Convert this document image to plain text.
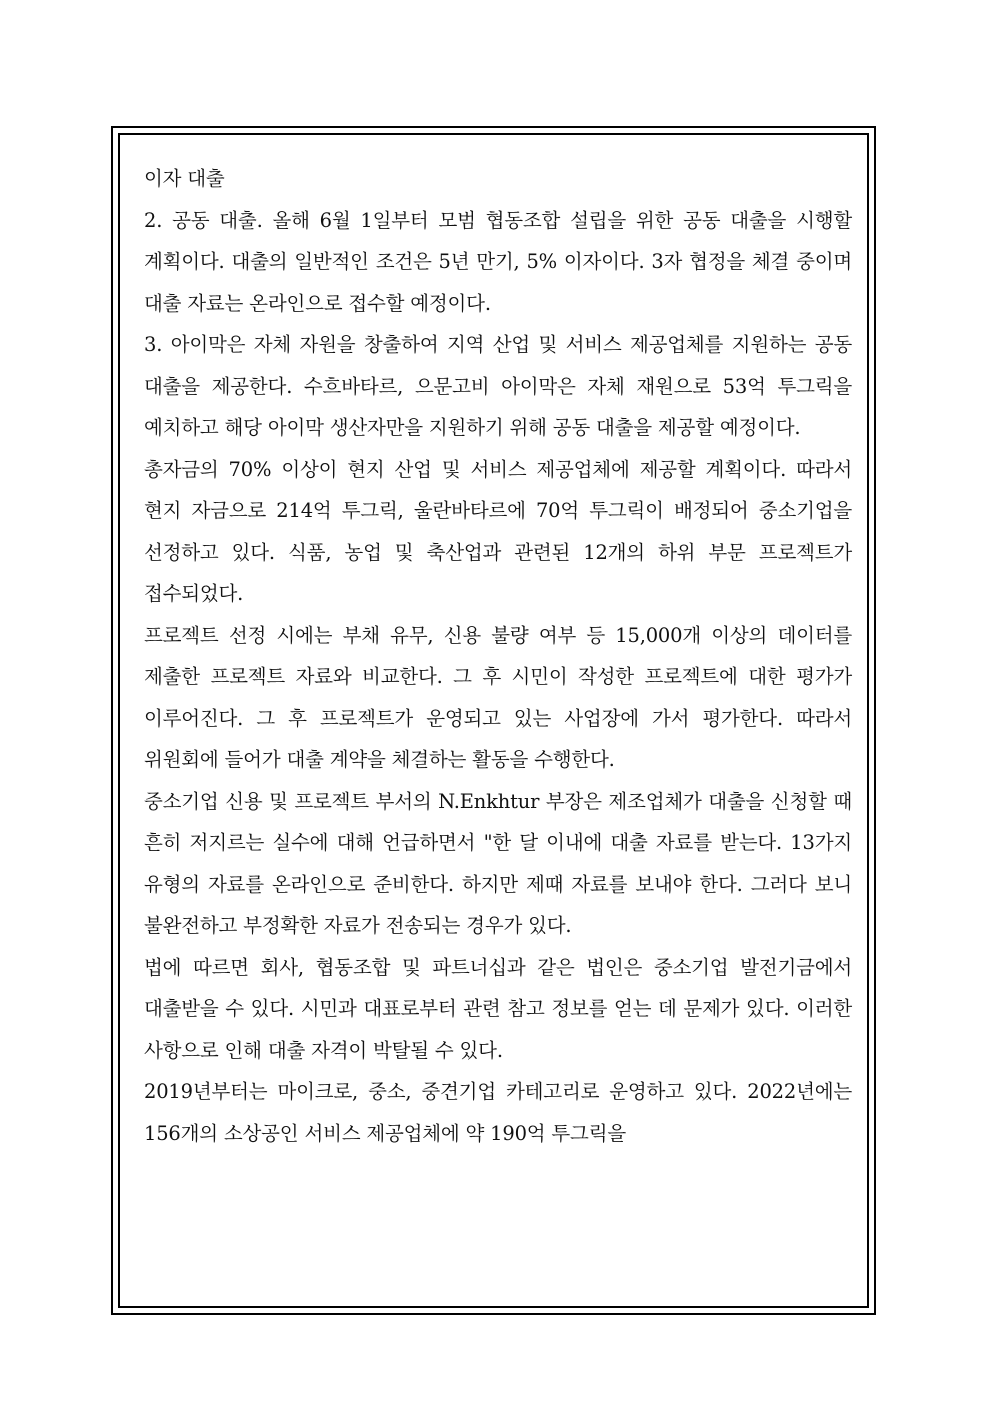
이자 대출

2. 공동 대출. 올해 6월 1일부터 모범 협동조합 설립을 위한 공동 대출을 시행할 계획이다. 대출의 일반적인 조건은 5년 만기, 5% 이자이다. 3자 협정을 체결 중이며 대출 자료는 온라인으로 접수할 예정이다.

3. 아이막은 자체 자원을 창출하여 지역 산업 및 서비스 제공업체를 지원하는 공동 대출을 제공한다. 수흐바타르, 으문고비 아이막은 자체 재원으로 53억 투그릭을 예치하고 해당 아이막 생산자만을 지원하기 위해 공동 대출을 제공할 예정이다.

총자금의 70% 이상이 현지 산업 및 서비스 제공업체에 제공할 계획이다. 따라서 현지 자금으로 214억 투그릭, 울란바타르에 70억 투그릭이 배정되어 중소기업을 선정하고 있다. 식품, 농업 및 축산업과 관련된 12개의 하위 부문 프로젝트가 접수되었다.

프로젝트 선정 시에는 부채 유무, 신용 불량 여부 등 15,000개 이상의 데이터를 제출한 프로젝트 자료와 비교한다. 그 후 시민이 작성한 프로젝트에 대한 평가가 이루어진다. 그 후 프로젝트가 운영되고 있는 사업장에 가서 평가한다. 따라서 위원회에 들어가 대출 계약을 체결하는 활동을 수행한다.

중소기업 신용 및 프로젝트 부서의 N.Enkhtur 부장은 제조업체가 대출을 신청할 때 흔히 저지르는 실수에 대해 언급하면서 "한 달 이내에 대출 자료를 받는다. 13가지 유형의 자료를 온라인으로 준비한다. 하지만 제때 자료를 보내야 한다. 그러다 보니 불완전하고 부정확한 자료가 전송되는 경우가 있다.

법에 따르면 회사, 협동조합 및 파트너십과 같은 법인은 중소기업 발전기금에서 대출받을 수 있다. 시민과 대표로부터 관련 참고 정보를 얻는 데 문제가 있다. 이러한 사항으로 인해 대출 자격이 박탈될 수 있다.

2019년부터는 마이크로, 중소, 중견기업 카테고리로 운영하고 있다. 2022년에는 156개의 소상공인 서비스 제공업체에 약 190억 투그릭을
